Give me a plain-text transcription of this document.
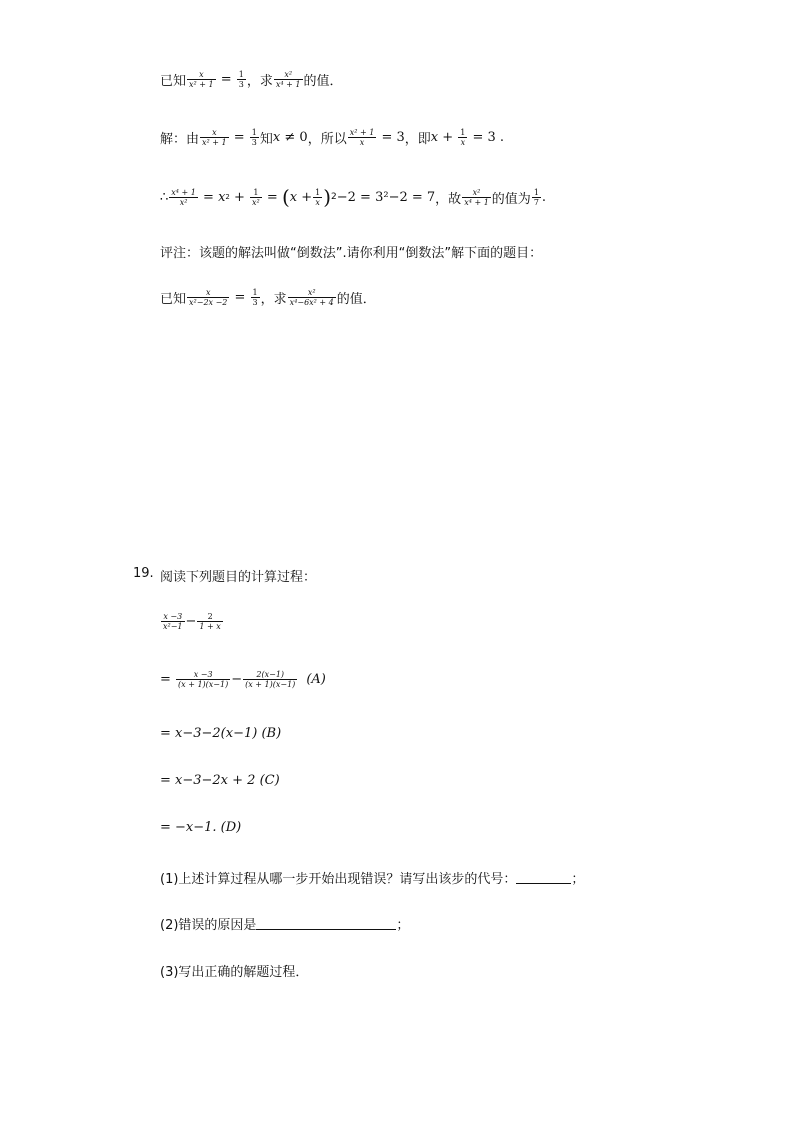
已知 $\frac{x}{\text{x² + 1}} = \frac{1}{3}$ ，求 $\frac{\text{x²}}{\text{x⁴ + 1}}$ 的值．
解：由 $\frac{x}{\text{x² + 1}} = \frac{1}{3}$ 知 x ≠ 0 ，所以 $\frac{\text{x² + 1}}{x} = 3$ ，即 $x + \frac{1}{x} = 3$ .
∴ $\frac{\text{x⁴ + 1}}{\text{x²}} = x$ $2 + \frac{1}{\text{x²}}$ = ( $x + \frac{1}{x}$ ) 2 −2 = 3²−2 = 7 ，故 $\frac{\text{x²}}{\text{x⁴ + 1}}$ 的值为 $\frac{1}{7}$ .
评注：该题的解法叫做“倒数法”.请你利用“倒数法”解下面的题目：
已知 $\frac{x}{\text{x²−2x −2}} = \frac{1}{3}$ ，求 $\frac{\text{x²}}{\text{x⁴−6x² + 4}}$ 的值．
19. 阅读下列题目的计算过程：
$\frac{x -3}{\text{x²−1}} - \frac{2}{1 + x}$
= $\frac{x -3}{(x + 1)(x-1)} - \frac{2(x-1)}{(x + 1)(x-1)} (A)$
= x−3−2(x−1) (B)
= x−3−2x + 2 (C)
= −x−1. (D)
(1)上述计算过程从哪一步开始出现错误？请写出该步的代号：	；
(2)错误的原因是	；
(3)写出正确的解题过程．
